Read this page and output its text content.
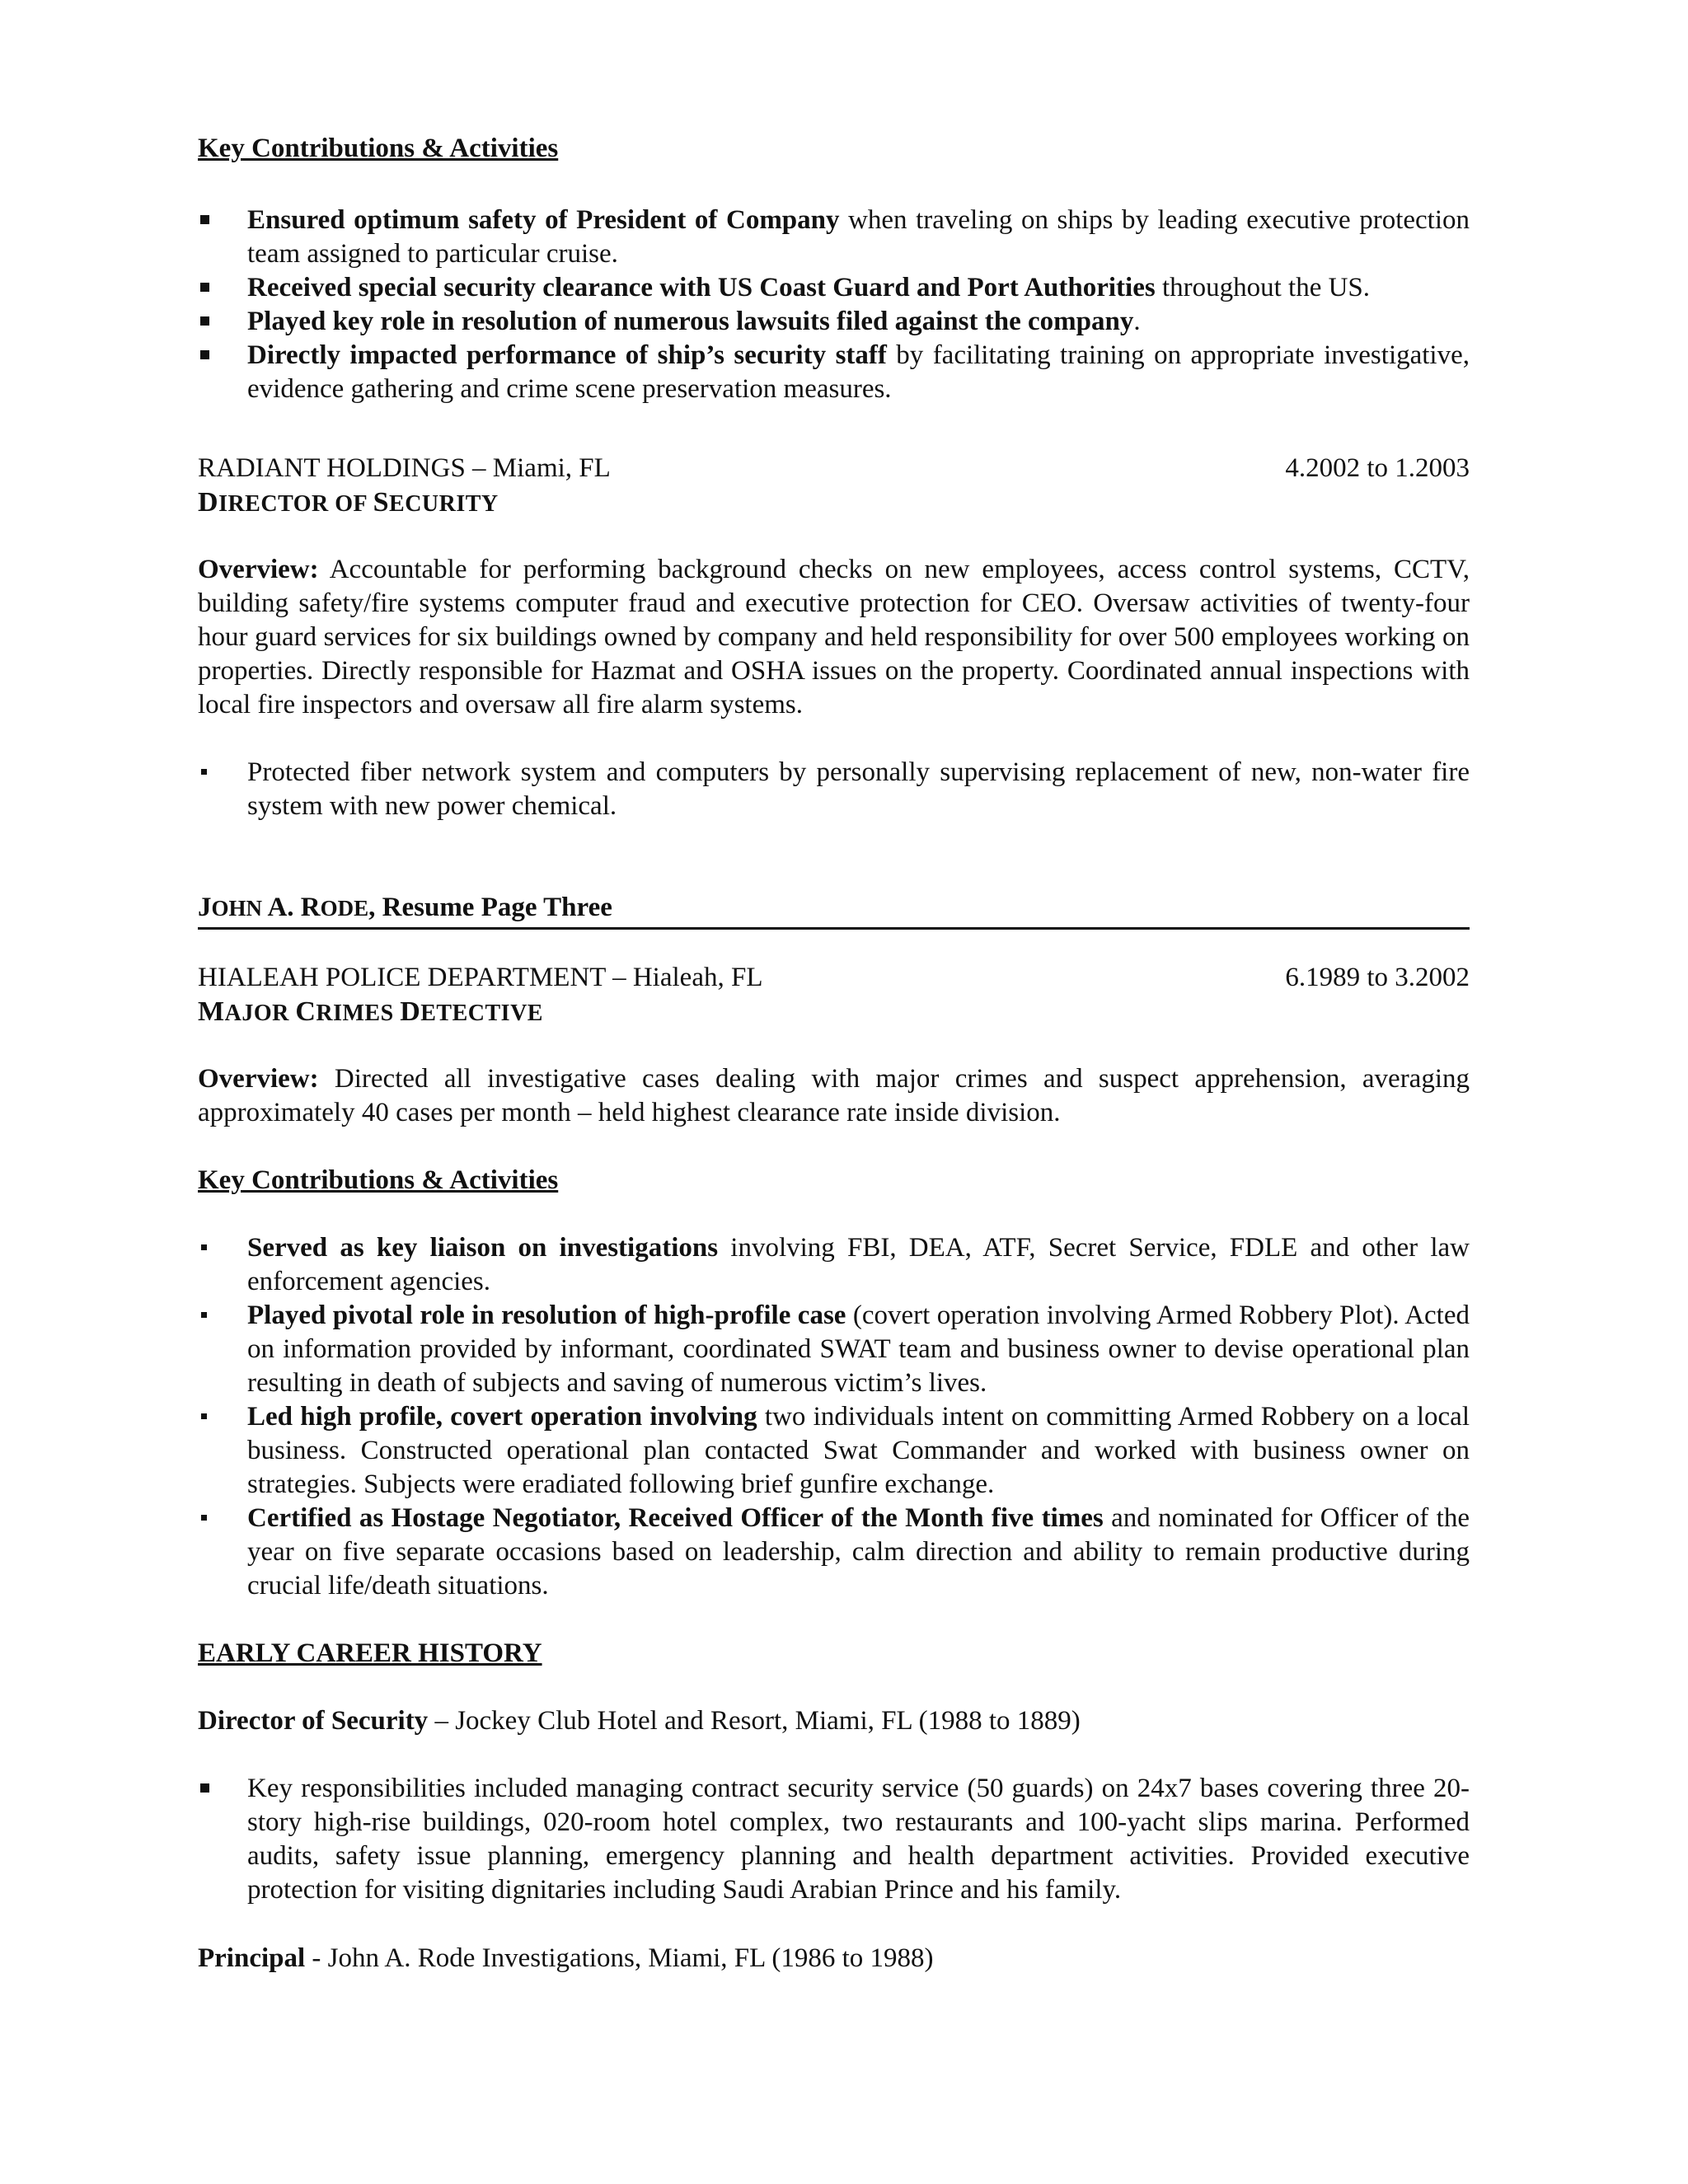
Key Contributions & Activities
Ensured optimum safety of President of Company when traveling on ships by leading executive protection team assigned to particular cruise.
Received special security clearance with US Coast Guard and Port Authorities throughout the US.
Played key role in resolution of numerous lawsuits filed against the company.
Directly impacted performance of ship’s security staff by facilitating training on appropriate investigative, evidence gathering and crime scene preservation measures.
RADIANT HOLDINGS – Miami, FL	4.2002 to 1.2003
DIRECTOR OF SECURITY
Overview: Accountable for performing background checks on new employees, access control systems, CCTV, building safety/fire systems computer fraud and executive protection for CEO. Oversaw activities of twenty-four hour guard services for six buildings owned by company and held responsibility for over 500 employees working on properties. Directly responsible for Hazmat and OSHA issues on the property. Coordinated annual inspections with local fire inspectors and oversaw all fire alarm systems.
Protected fiber network system and computers by personally supervising replacement of new, non-water fire system with new power chemical.
JOHN A. RODE, Resume Page Three
HIALEAH POLICE DEPARTMENT – Hialeah, FL	6.1989 to 3.2002
MAJOR CRIMES DETECTIVE
Overview: Directed all investigative cases dealing with major crimes and suspect apprehension, averaging approximately 40 cases per month – held highest clearance rate inside division.
Key Contributions & Activities
Served as key liaison on investigations involving FBI, DEA, ATF, Secret Service, FDLE and other law enforcement agencies.
Played pivotal role in resolution of high-profile case (covert operation involving Armed Robbery Plot). Acted on information provided by informant, coordinated SWAT team and business owner to devise operational plan resulting in death of subjects and saving of numerous victim’s lives.
Led high profile, covert operation involving two individuals intent on committing Armed Robbery on a local business. Constructed operational plan contacted Swat Commander and worked with business owner on strategies. Subjects were eradiated following brief gunfire exchange.
Certified as Hostage Negotiator, Received Officer of the Month five times and nominated for Officer of the year on five separate occasions based on leadership, calm direction and ability to remain productive during crucial life/death situations.
EARLY CAREER HISTORY
Director of Security – Jockey Club Hotel and Resort, Miami, FL (1988 to 1889)
Key responsibilities included managing contract security service (50 guards) on 24x7 bases covering three 20-story high-rise buildings, 020-room hotel complex, two restaurants and 100-yacht slips marina. Performed audits, safety issue planning, emergency planning and health department activities. Provided executive protection for visiting dignitaries including Saudi Arabian Prince and his family.
Principal - John A. Rode Investigations, Miami, FL (1986 to 1988)
